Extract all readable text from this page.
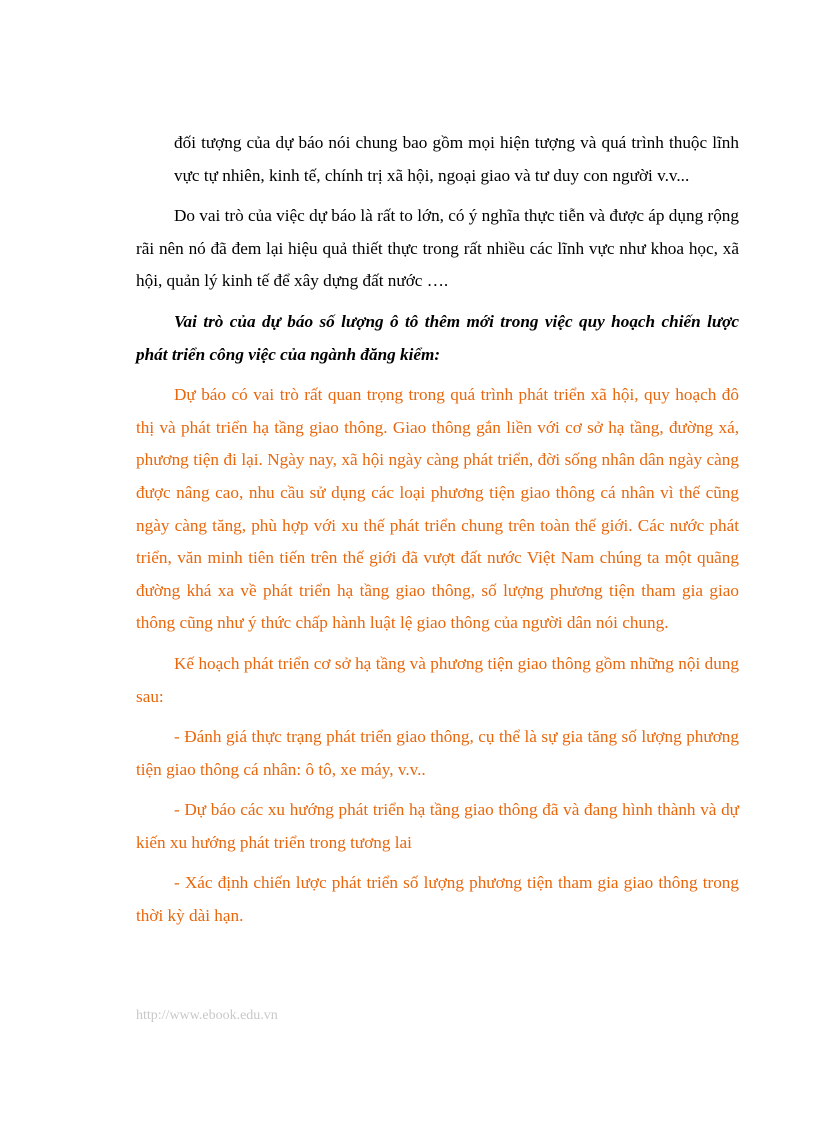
đối tượng của dự báo nói chung bao gồm mọi hiện tượng và quá trình thuộc lĩnh vực tự nhiên, kinh tế, chính trị xã hội, ngoại giao và tư duy con người v.v...

Do vai trò của việc dự báo là rất to lớn, có ý nghĩa thực tiễn và được áp dụng rộng rãi nên nó đã đem lại hiệu quả thiết thực trong rất nhiều các lĩnh vực như khoa học, xã hội, quản lý kinh tế để xây dựng đất nước ….

Vai trò của dự báo số lượng ô tô thêm mới trong việc quy hoạch chiến lược phát triển công việc của ngành đăng kiểm:

Dự báo có vai trò rất quan trọng trong quá trình phát triển xã hội, quy hoạch đô thị và phát triển hạ tầng giao thông. Giao thông gắn liền với cơ sở hạ tầng, đường xá, phương tiện đi lại. Ngày nay, xã hội ngày càng phát triển, đời sống nhân dân ngày càng được nâng cao, nhu cầu sử dụng các loại phương tiện giao thông cá nhân vì thế cũng ngày càng tăng, phù hợp với xu thế phát triển chung trên toàn thế giới. Các nước phát triển, văn minh tiên tiến trên thế giới đã vượt đất nước Việt Nam chúng ta một quãng đường khá xa về phát triển hạ tầng giao thông, số lượng phương tiện tham gia giao thông cũng như ý thức chấp hành luật lệ giao thông của người dân nói chung.

Kế hoạch phát triển cơ sở hạ tầng và phương tiện giao thông gồm những nội dung sau:

- Đánh giá thực trạng phát triển giao thông, cụ thể là sự gia tăng số lượng phương tiện giao thông cá nhân: ô tô, xe máy, v.v..

- Dự báo các xu hướng phát triển hạ tầng giao thông đã và đang hình thành và dự kiến xu hướng phát triển trong tương lai

- Xác định chiến lược phát triển số lượng phương tiện tham gia giao thông trong thời kỳ dài hạn.

http://www.ebook.edu.vn
